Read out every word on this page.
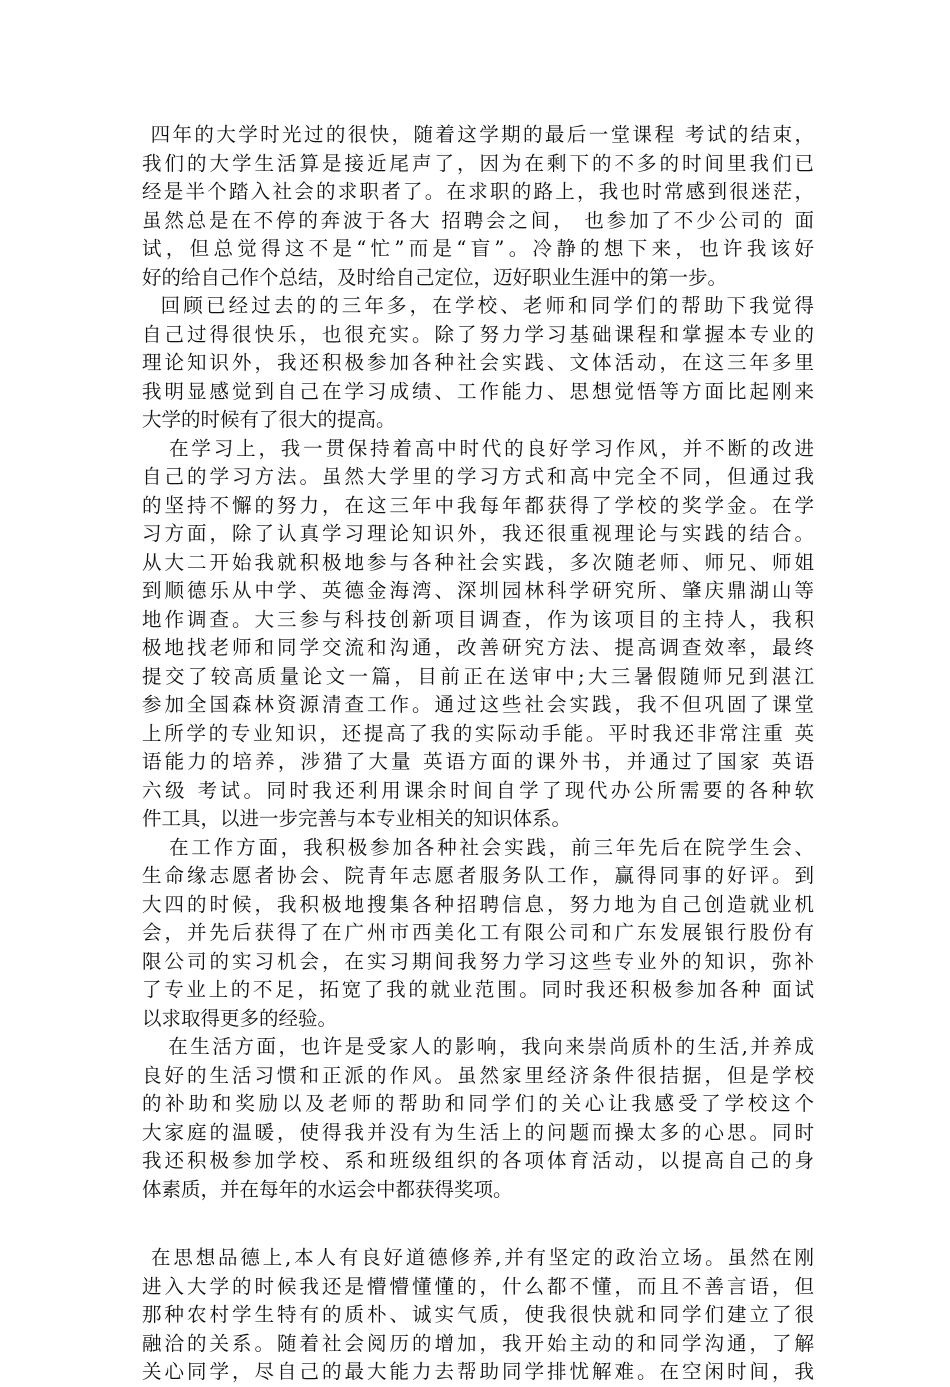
四年的大学时光过的很快，随着这学期的最后一堂课程 考试的结束，
我们的大学生活算是接近尾声了，因为在剩下的不多的时间里我们已
经是半个踏入社会的求职者了。在求职的路上，我也时常感到很迷茫，
虽然总是在不停的奔波于各大 招聘会之间， 也参加了不少公司的 面
试，但总觉得这不是“忙”而是“盲”。冷静的想下来，也许我该好
好的给自己作个总结，及时给自己定位，迈好职业生涯中的第一步。
回顾已经过去的的三年多，在学校、老师和同学们的帮助下我觉得
自己过得很快乐，也很充实。除了努力学习基础课程和掌握本专业的
理论知识外，我还积极参加各种社会实践、文体活动，在这三年多里
我明显感觉到自己在学习成绩、工作能力、思想觉悟等方面比起刚来
大学的时候有了很大的提高。
在学习上，我一贯保持着高中时代的良好学习作风，并不断的改进
自己的学习方法。虽然大学里的学习方式和高中完全不同，但通过我
的坚持不懈的努力，在这三年中我每年都获得了学校的奖学金。在学
习方面，除了认真学习理论知识外，我还很重视理论与实践的结合。
从大二开始我就积极地参与各种社会实践，多次随老师、师兄、师姐
到顺德乐从中学、英德金海湾、深圳园林科学研究所、肇庆鼎湖山等
地作调查。大三参与科技创新项目调查，作为该项目的主持人，我积
极地找老师和同学交流和沟通，改善研究方法、提高调查效率，最终
提交了较高质量论文一篇，目前正在送审中;大三暑假随师兄到湛江
参加全国森林资源清查工作。通过这些社会实践，我不但巩固了课堂
上所学的专业知识，还提高了我的实际动手能。平时我还非常注重 英
语能力的培养，涉猎了大量 英语方面的课外书，并通过了国家 英语
六级 考试。同时我还利用课余时间自学了现代办公所需要的各种软
件工具，以进一步完善与本专业相关的知识体系。
在工作方面，我积极参加各种社会实践，前三年先后在院学生会、
生命缘志愿者协会、院青年志愿者服务队工作，赢得同事的好评。到
大四的时候，我积极地搜集各种招聘信息，努力地为自己创造就业机
会，并先后获得了在广州市西美化工有限公司和广东发展银行股份有
限公司的实习机会，在实习期间我努力学习这些专业外的知识，弥补
了专业上的不足，拓宽了我的就业范围。同时我还积极参加各种 面试
以求取得更多的经验。
在生活方面，也许是受家人的影响，我向来崇尚质朴的生活,并养成
良好的生活习惯和正派的作风。虽然家里经济条件很拮据，但是学校
的补助和奖励以及老师的帮助和同学们的关心让我感受了学校这个
大家庭的温暖，使得我并没有为生活上的问题而操太多的心思。同时
我还积极参加学校、系和班级组织的各项体育活动，以提高自己的身
体素质，并在每年的水运会中都获得奖项。
在思想品德上,本人有良好道德修养,并有坚定的政治立场。虽然在刚
进入大学的时候我还是懵懵懂懂的，什么都不懂，而且不善言语，但
那种农村学生特有的质朴、诚实气质，使我很快就和同学们建立了很
融洽的关系。随着社会阅历的增加，我开始主动的和同学沟通，了解
关心同学，尽自己的最大能力去帮助同学排忧解难。在空闲时间，我
